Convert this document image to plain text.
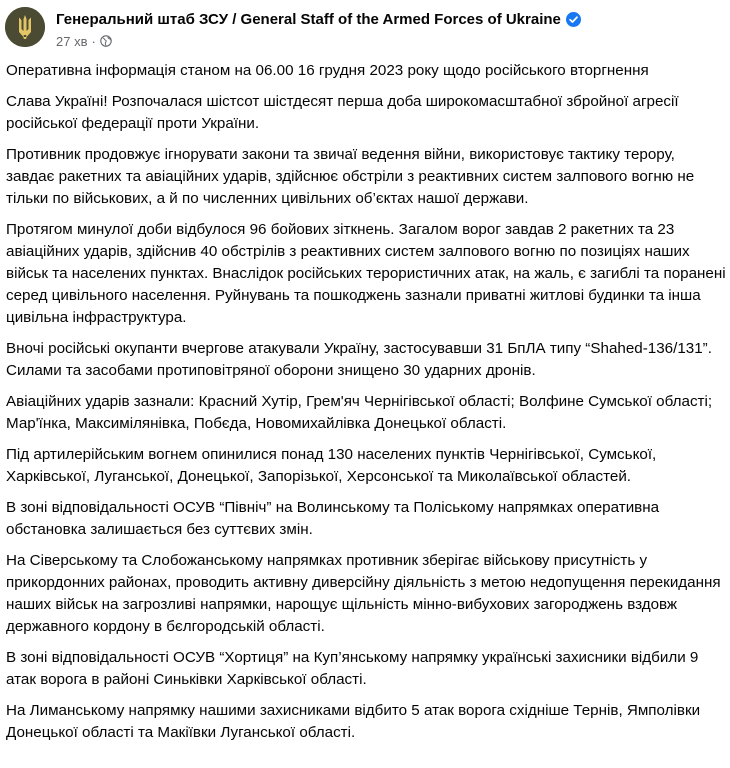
Генеральний штаб ЗСУ / General Staff of the Armed Forces of Ukraine
27 хв ·

Оперативна інформація станом на 06.00 16 грудня 2023 року щодо російського вторгнення

Слава Україні! Розпочалася шістсот шістдесят перша доба широкомасштабної збройної агресії російської федерації проти України.

Противник продовжує ігнорувати закони та звичаї ведення війни, використовує тактику терору, завдає ракетних та авіаційних ударів, здійснює обстріли з реактивних систем залпового вогню не тільки по військових, а й по численних цивільних об’єктах нашої держави.

Протягом минулої доби відбулося 96 бойових зіткнень. Загалом ворог завдав 2 ракетних та 23 авіаційних ударів, здійснив 40 обстрілів з реактивних систем залпового вогню по позиціях наших військ та населених пунктах. Внаслідок російських терористичних атак, на жаль, є загиблі та поранені серед цивільного населення. Руйнувань та пошкоджень зазнали приватні житлові будинки та інша цивільна інфраструктура.

Вночі російські окупанти вчергове атакували Україну, застосувавши 31 БпЛА типу “Shahed-136/131”. Силами та засобами протиповітряної оборони знищено 30 ударних дронів.

Авіаційних ударів зазнали: Красний Хутір, Грем'яч Чернігівської області; Волфине Сумської області; Мар'їнка, Максимілянівка, Побєда, Новомихайлівка Донецької області.

Під артилерійським вогнем опинилися понад 130 населених пунктів Чернігівської, Сумської, Харківської, Луганської, Донецької, Запорізької, Херсонської та Миколаївської областей.

В зоні відповідальності ОСУВ “Північ” на Волинському та Поліському напрямках оперативна обстановка залишається без суттєвих змін.

На Сіверському та Слобожанському напрямках противник зберігає військову присутність у прикордонних районах, проводить активну диверсійну діяльність з метою недопущення перекидання наших військ на загрозливі напрямки, нарощує щільність мінно-вибухових загороджень вздовж державного кордону в бєлгородській області.

В зоні відповідальності ОСУВ “Хортиця” на Куп’янському напрямку українські захисники відбили 9 атак ворога в районі Синьківки Харківської області.

На Лиманському напрямку нашими захисниками відбито 5 атак ворога східніше Тернів, Ямполівки Донецької області та Макіївки Луганської області.
